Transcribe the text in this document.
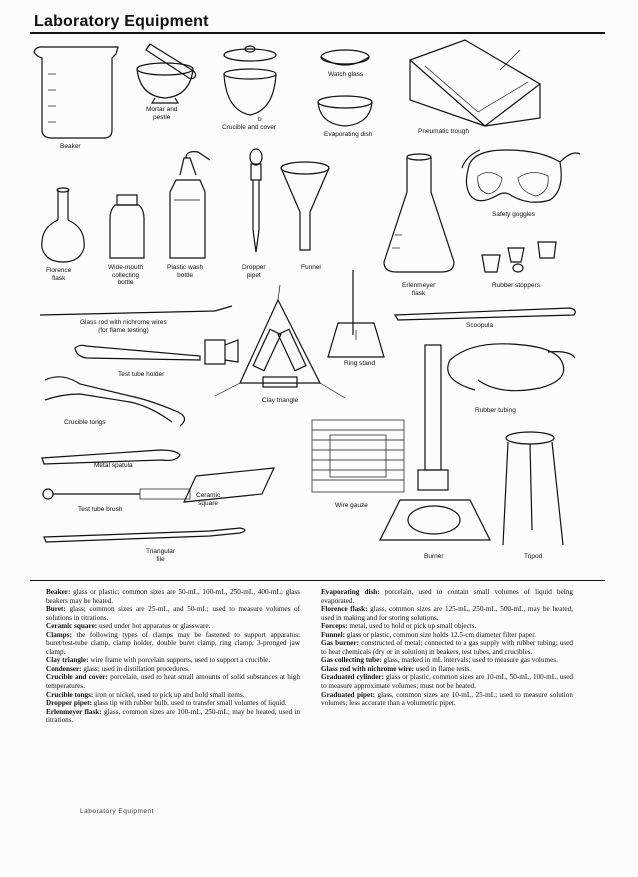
Laboratory Equipment
Beaker
Mortar and
pestle	b
Crucible and cover
Watch glass
Evaporating dish	Pneumatic trough
Safety goggles
Florence
flask
Wide-mouth
collecting
bottle
Plastic wash
bottle
Dropper
pipet
Funnel
Erlenmeyer
flask
Rubber stoppers
Glass rod with nichrome wires
(for flame testing)
Scoopula
Ring stand
Test tube holder
Clay triangle
Rubber tubing
Crucible tongs
Metal spatula
Ceramic
square	Wire gauze
Test tube brush
Triangular
file	Burner	Tripod

Beaker: glass or plastic; common sizes are 50-mL, 100-mL, 250-mL, 400-mL; glass beakers may be heated.

Buret: glass; common sizes are 25-mL, and 50-mL; used to measure volumes of solutions in titrations.

Ceramic square: used under hot apparatus or glassware.

Clamps: the following types of clamps may be fastened to support apparatus: buret/test-tube clamp, clamp holder, double buret clamp, ring clamp, 3-pronged jaw clamp.

Clay triangle: wire frame with porcelain supports, used to support a crucible.

Condenser: glass; used in distillation procedures.

Crucible and cover: porcelain, used to heat small amounts of solid substances at high temperatures.

Crucible tongs: iron or nickel, used to pick up and hold small items.

Dropper pipet: glass tip with rubber bulb, used to transfer small volumes of liquid.

Erlenmeyer flask: glass, common sizes are 100-mL, 250-mL; may be heated, used in titrations.

Evaporating dish: porcelain, used to contain small volumes of liquid being evaporated.

Florence flask: glass, common sizes are 125-mL, 250-mL, 500-mL, may be heated, used in making and for storing solutions.

Forceps: metal, used to hold or pick up small objects.

Funnel: glass or plastic, common size holds 12.5-cm diameter filter paper.

Gas burner: constructed of metal; connected to a gas supply with rubber tubing; used to heat chemicals (dry or in solution) in beakers, test tubes, and crucibles.

Gas collecting tube: glass, marked in mL intervals; used to measure gas volumes.

Glass rod with nichrome wire: used in flame tests.

Graduated cylinder: glass or plastic, common sizes are 10-mL, 50-mL, 100-mL, used to measure approximate volumes; must not be heated.

Graduated pipet: glass, common sizes are 10-mL, 25-mL; used to measure solution volumes; less accurate than a volumetric pipet.

Laboratory Equipment
